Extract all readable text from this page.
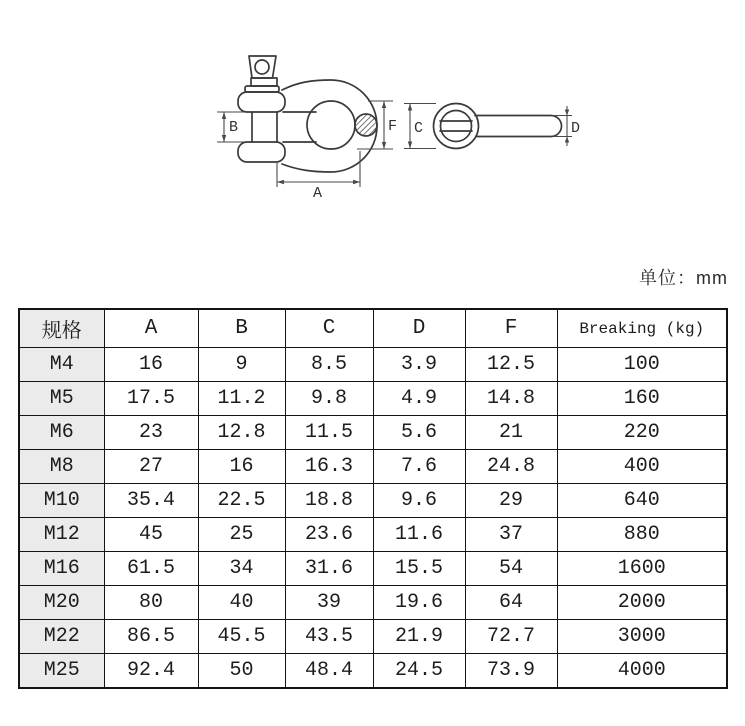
B
A
F C	D
单位：mm
规格	A	B	C	D	F	Breaking (kg)
M4	16	9	8.5	3.9	12.5	100
M5	17.5	11.2	9.8	4.9	14.8	160
M6	23	12.8	11.5	5.6	21	220
M8	27	16	16.3	7.6	24.8	400
M10	35.4	22.5	18.8	9.6	29	640
M12	45	25	23.6	11.6	37	880
M16	61.5	34	31.6	15.5	54	1600
M20	80	40	39	19.6	64	2000
M22	86.5	45.5	43.5	21.9	72.7	3000
M25	92.4	50	48.4	24.5	73.9	4000
